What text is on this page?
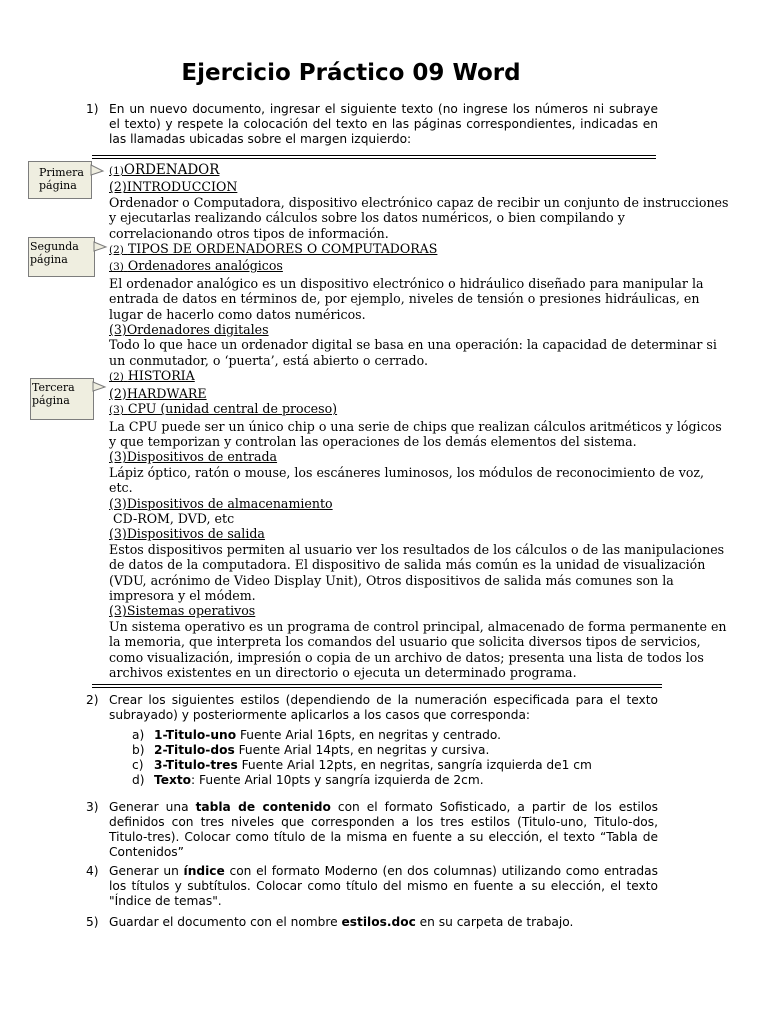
Ejercicio Práctico 09 Word
1) En un nuevo documento, ingresar el siguiente texto (no ingrese los números ni subraye el texto) y respete la colocación del texto en las páginas correspondientes, indicadas en las llamadas ubicadas sobre el margen izquierdo:
Primera página
Segunda página
Tercera página
(1)ORDENADOR
(2)INTRODUCCION
Ordenador o Computadora, dispositivo electrónico capaz de recibir un conjunto de instrucciones
y ejecutarlas realizando cálculos sobre los datos numéricos, o bien compilando y
correlacionando otros tipos de información.
(2) TIPOS DE ORDENADORES O COMPUTADORAS
(3) Ordenadores analógicos
El ordenador analógico es un dispositivo electrónico o hidráulico diseñado para manipular la
entrada de datos en términos de, por ejemplo, niveles de tensión o presiones hidráulicas, en
lugar de hacerlo como datos numéricos.
(3)Ordenadores digitales
Todo lo que hace un ordenador digital se basa en una operación: la capacidad de determinar si
un conmutador, o ‘puerta’, está abierto o cerrado.
(2) HISTORIA
(2)HARDWARE
(3) CPU (unidad central de proceso)
La CPU puede ser un único chip o una serie de chips que realizan cálculos aritméticos y lógicos
y que temporizan y controlan las operaciones de los demás elementos del sistema.
(3)Dispositivos de entrada
Lápiz óptico, ratón o mouse, los escáneres luminosos, los módulos de reconocimiento de voz,
etc.
(3)Dispositivos de almacenamiento
CD-ROM, DVD, etc
(3)Dispositivos de salida
Estos dispositivos permiten al usuario ver los resultados de los cálculos o de las manipulaciones
de datos de la computadora. El dispositivo de salida más común es la unidad de visualización
(VDU, acrónimo de Video Display Unit), Otros dispositivos de salida más comunes son la
impresora y el módem.
(3)Sistemas operativos
Un sistema operativo es un programa de control principal, almacenado de forma permanente en
la memoria, que interpreta los comandos del usuario que solicita diversos tipos de servicios,
como visualización, impresión o copia de un archivo de datos; presenta una lista de todos los
archivos existentes en un directorio o ejecuta un determinado programa.
2) Crear los siguientes estilos (dependiendo de la numeración especificada para el texto subrayado) y posteriormente aplicarlos a los casos que corresponda:
a) 1-Titulo-uno Fuente Arial 16pts, en negritas y centrado.
b) 2-Titulo-dos Fuente Arial 14pts, en negritas y cursiva.
c) 3-Titulo-tres Fuente Arial 12pts, en negritas, sangría izquierda de1 cm
d) Texto: Fuente Arial 10pts y sangría izquierda de 2cm.
3) Generar una tabla de contenido con el formato Sofisticado, a partir de los estilos definidos con tres niveles que corresponden a los tres estilos (Titulo-uno, Titulo-dos, Titulo-tres). Colocar como título de la misma en fuente a su elección, el texto “Tabla de Contenidos”
4) Generar un índice con el formato Moderno (en dos columnas) utilizando como entradas los títulos y subtítulos. Colocar como título del mismo en fuente a su elección, el texto "Índice de temas".
5) Guardar el documento con el nombre estilos.doc en su carpeta de trabajo.
